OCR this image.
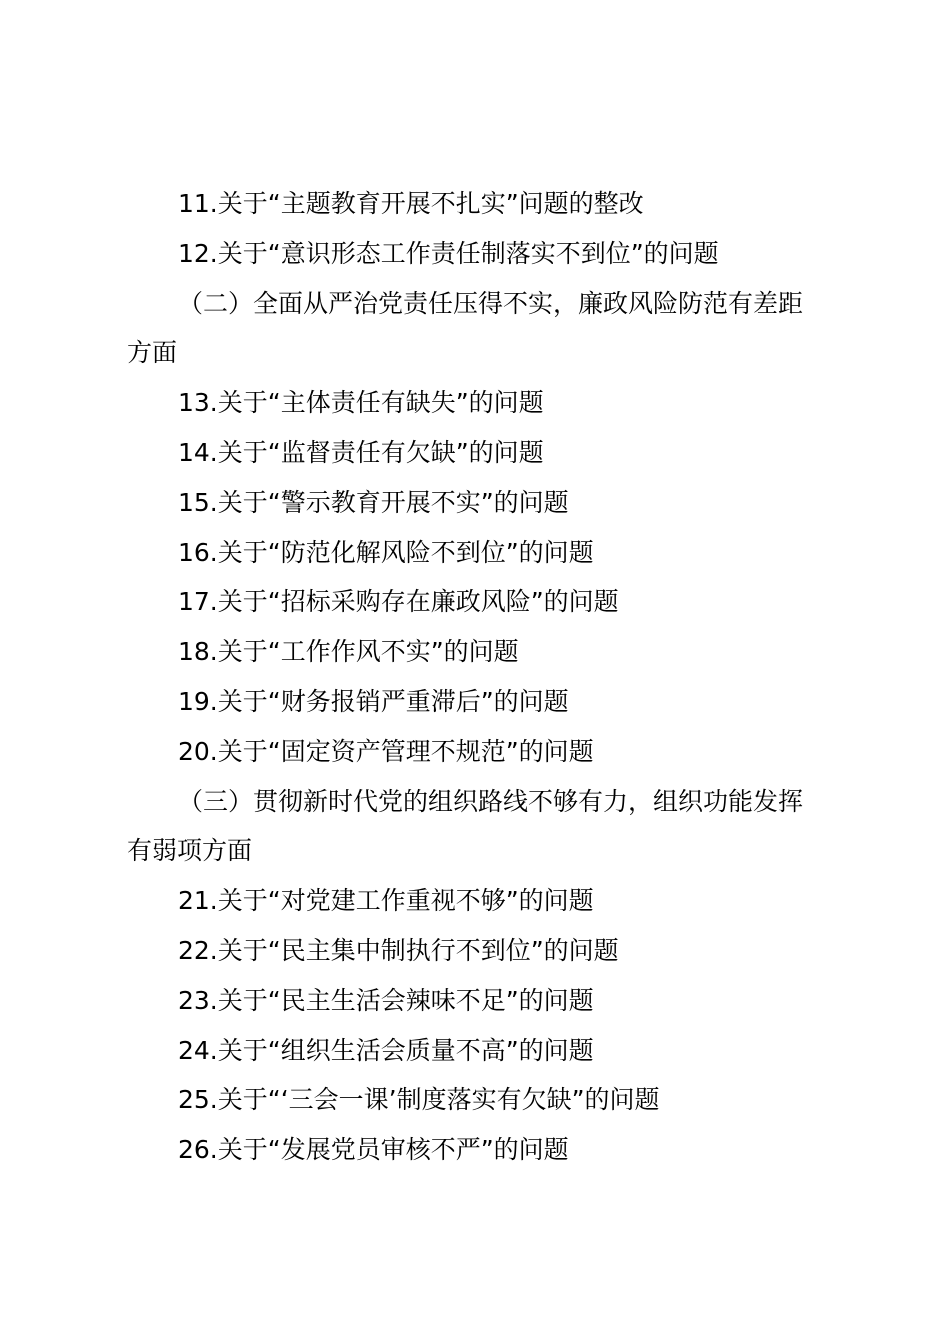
11.关于“主题教育开展不扎实”问题的整改

12.关于“意识形态工作责任制落实不到位”的问题

（二）全面从严治党责任压得不实，廉政风险防范有差距

方面

13.关于“主体责任有缺失”的问题

14.关于“监督责任有欠缺”的问题

15.关于“警示教育开展不实”的问题

16.关于“防范化解风险不到位”的问题

17.关于“招标采购存在廉政风险”的问题

18.关于“工作作风不实”的问题

19.关于“财务报销严重滞后”的问题

20.关于“固定资产管理不规范”的问题

（三）贯彻新时代党的组织路线不够有力，组织功能发挥

有弱项方面

21.关于“对党建工作重视不够”的问题

22.关于“民主集中制执行不到位”的问题

23.关于“民主生活会辣味不足”的问题

24.关于“组织生活会质量不高”的问题

25.关于“‘三会一课’制度落实有欠缺”的问题

26.关于“发展党员审核不严”的问题
